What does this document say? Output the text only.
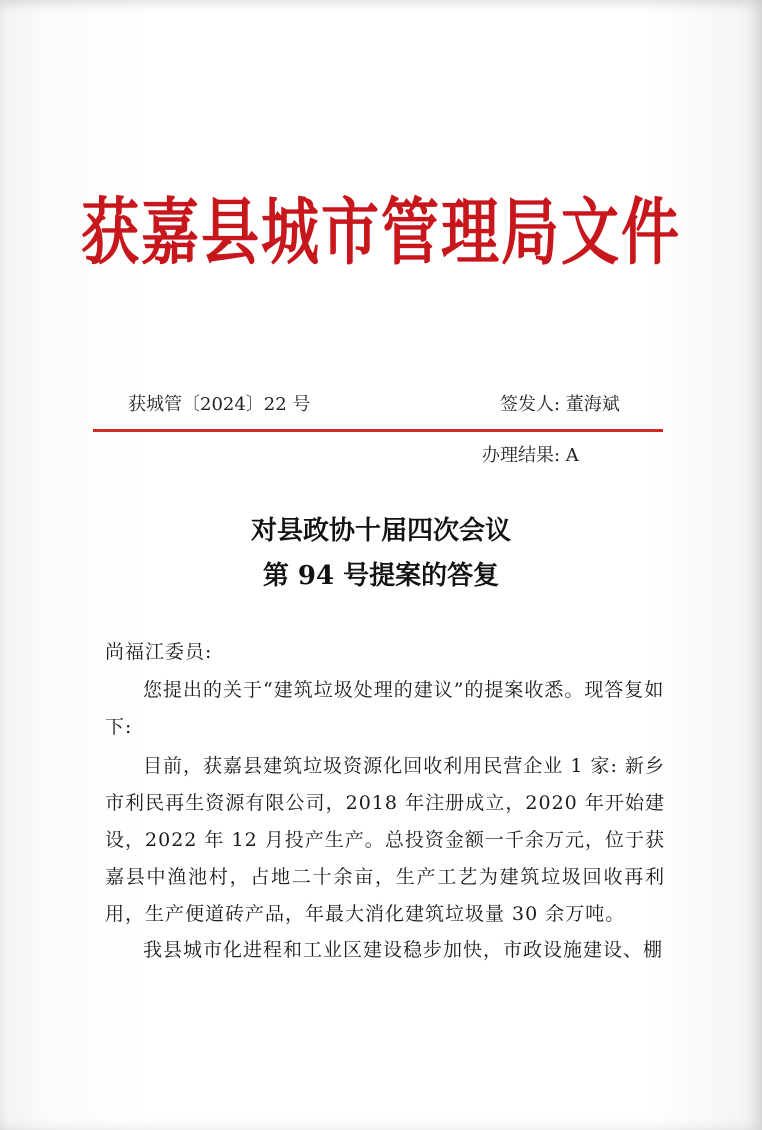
获嘉县城市管理局文件
获城管〔2024〕22 号	签发人: 董海斌
办理结果: A
对县政协十届四次会议
第 94 号提案的答复
尚福江委员:
您提出的关于“建筑垃圾处理的建议”的提案收悉。现答复如下:
目前，获嘉县建筑垃圾资源化回收利用民营企业 1 家: 新乡市利民再生资源有限公司，2018 年注册成立，2020 年开始建设，2022 年 12 月投产生产。总投资金额一千余万元，位于获嘉县中渔池村，占地二十余亩，生产工艺为建筑垃圾回收再利用，生产便道砖产品，年最大消化建筑垃圾量 30 余万吨。
我县城市化进程和工业区建设稳步加快，市政设施建设、棚
